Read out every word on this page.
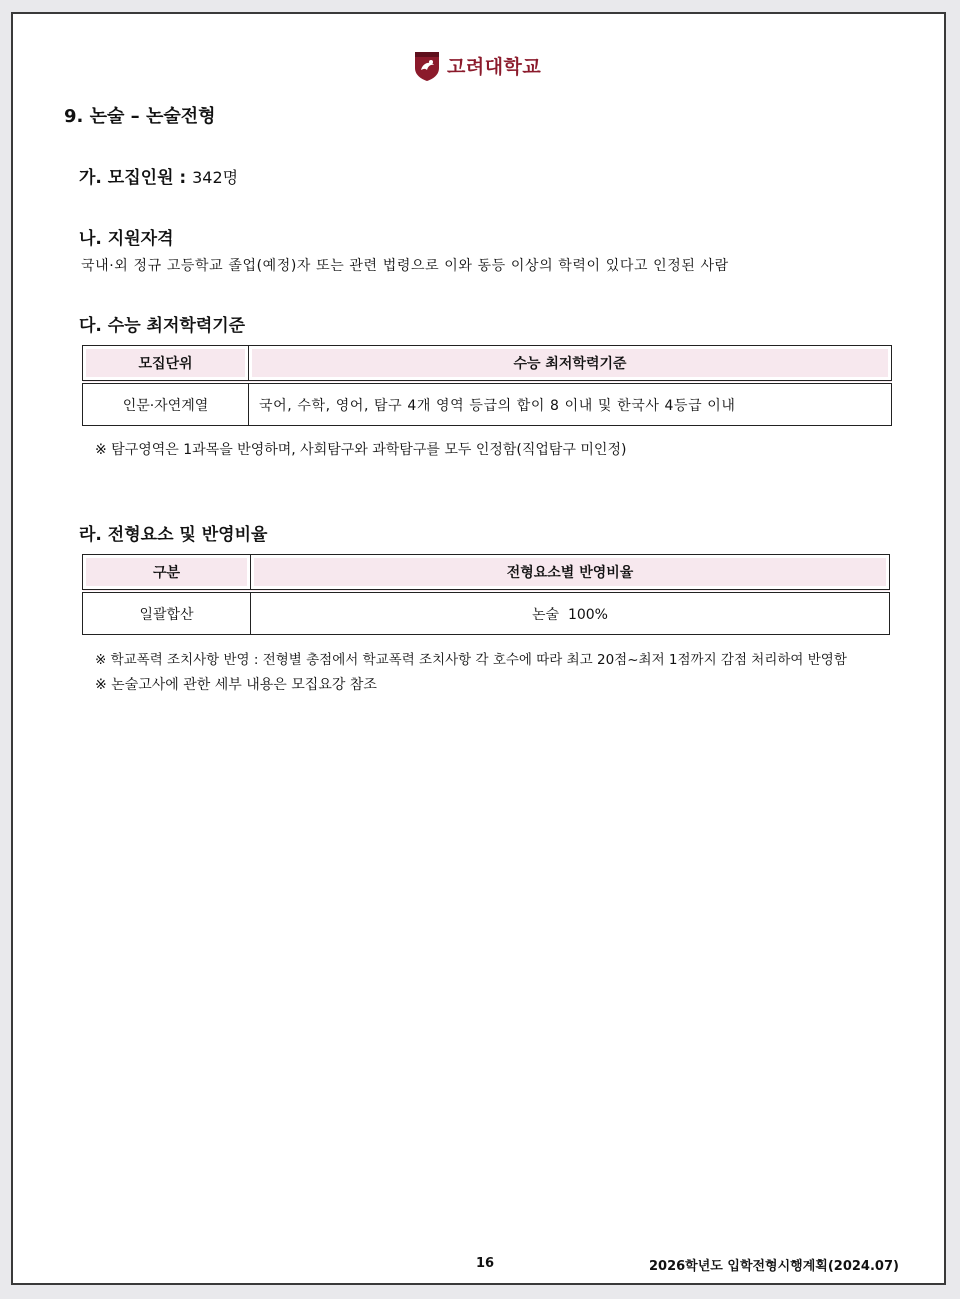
고려대학교
9. 논술 – 논술전형
가. 모집인원 : 342명
나. 지원자격
국내·외 정규 고등학교 졸업(예정)자 또는 관련 법령으로 이와 동등 이상의 학력이 있다고 인정된 사람
다. 수능 최저학력기준
모집단위	수능 최저학력기준
인문·자연계열	국어, 수학, 영어, 탐구 4개 영역 등급의 합이 8 이내 및 한국사 4등급 이내
※ 탐구영역은 1과목을 반영하며, 사회탐구와 과학탐구를 모두 인정함(직업탐구 미인정)
라. 전형요소 및 반영비율
구분	전형요소별 반영비율
일괄합산	논술  100%
※ 학교폭력 조치사항 반영 : 전형별 총점에서 학교폭력 조치사항 각 호수에 따라 최고 20점~최저 1점까지 감점 처리하여 반영함
※ 논술고사에 관한 세부 내용은 모집요강 참조
16	2026학년도 입학전형시행계획(2024.07)
